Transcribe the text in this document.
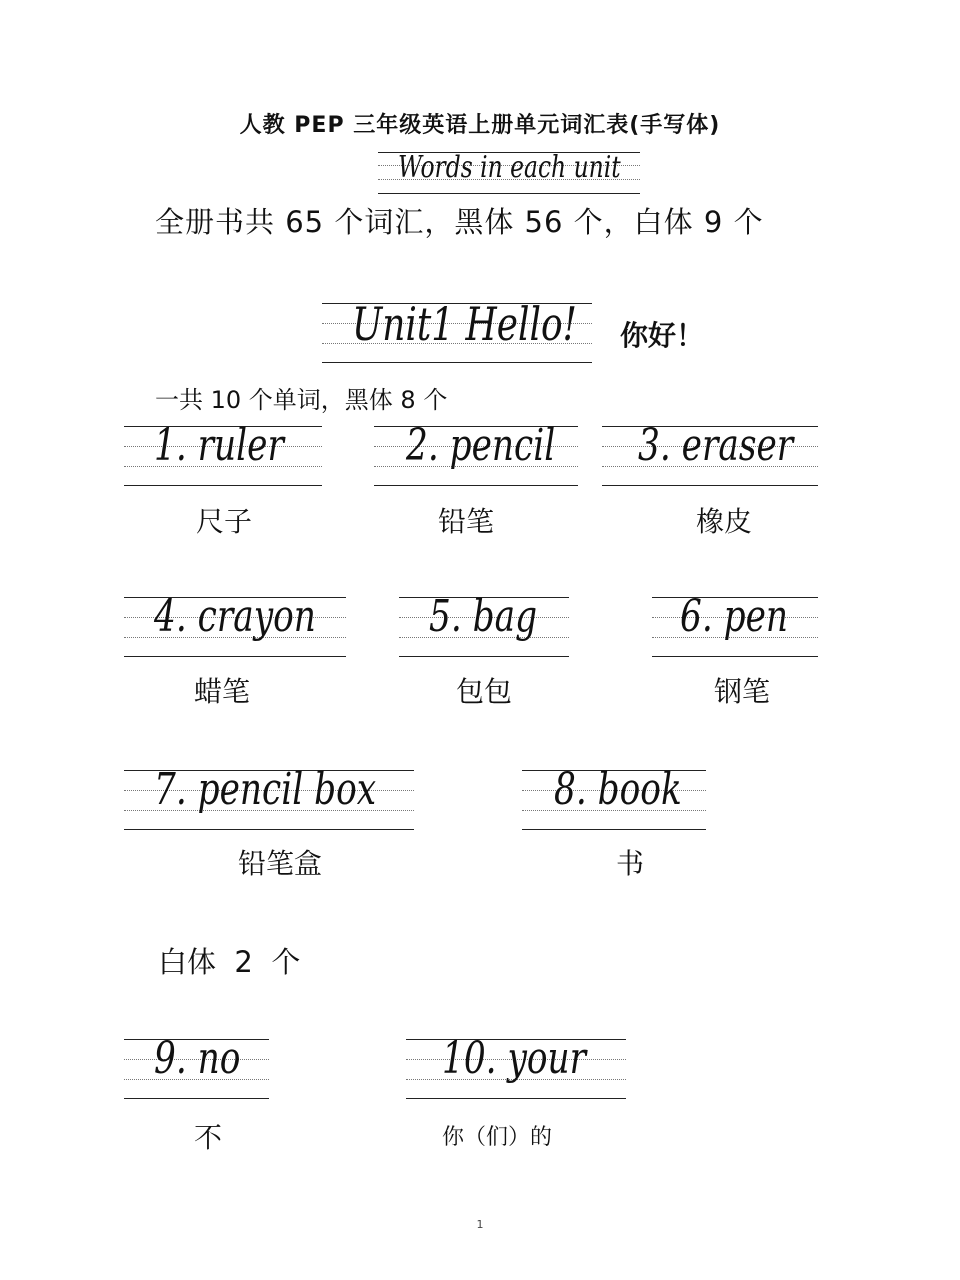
人教 PEP 三年级英语上册单元词汇表(手写体)
Words in each unit
全册书共 65 个词汇，黑体 56 个，白体 9 个
Unit1 Hello! 你好！
一共 10 个单词，黑体 8 个
1. ruler
尺子
2. pencil
铅笔
3. eraser
橡皮
4. crayon
蜡笔
5. bag
包包
6. pen
钢笔
7. pencil box
铅笔盒
8. book
书
白体  2  个
9. no
不
10. your
你（们）的
1
